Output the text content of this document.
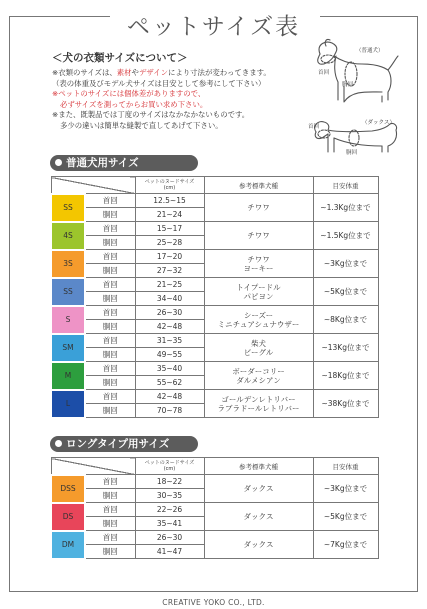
ペットサイズ表
＜犬の衣類サイズについて＞

※衣類のサイズは、素材やデザインにより寸法が変わってきます。

（表の体重及びモデル犬サイズは目安として参考にして下さい）

※ペットのサイズには個体差がありますので、

必ずサイズを測ってからお買い求め下さい。

※また、既製品では丁度のサイズはなかなかないものです。

多少の違いは簡単な縫製で直してあげて下さい。

（普通犬）
首回
胸回
（ダックス）
首回
胴回
普通犬用サイズ

		ペットのヌードサイズ
(cm)	参考標準犬種	目安体重
SS	首回	12.5~15	チワワ	~1.3Kg位まで
	胴回	21~24		
4S	首回	15~17	チワワ	~1.5Kg位まで
	胴回	25~28		
3S	首回	17~20	チワワ
ヨーキー	~3Kg位まで
	胴回	27~32		
SS	首回	21~25	トイプードル
パピヨン	~5Kg位まで
	胴回	34~40		
S	首回	26~30	シーズー
ミニチュアシュナウザー	~8Kg位まで
	胴回	42~48		
SM	首回	31~35	柴犬
ビーグル	~13Kg位まで
	胴回	49~55		
M	首回	35~40	ボーダーコリー
ダルメシアン	~18Kg位まで
	胴回	55~62		
L	首回	42~48	ゴールデンレトリバー
ラブラドールレトリバー	~38Kg位まで
	胴回	70~78		
ロングタイプ用サイズ

		ペットのヌードサイズ
(cm)	参考標準犬種	目安体重
DSS	首回	18~22	ダックス	~3Kg位まで
	胴回	30~35		
DS	首回	22~26	ダックス	~5Kg位まで
	胴回	35~41		
DM	首回	26~30	ダックス	~7Kg位まで
	胴回	41~47		
CREATIVE YOKO CO., LTD.
